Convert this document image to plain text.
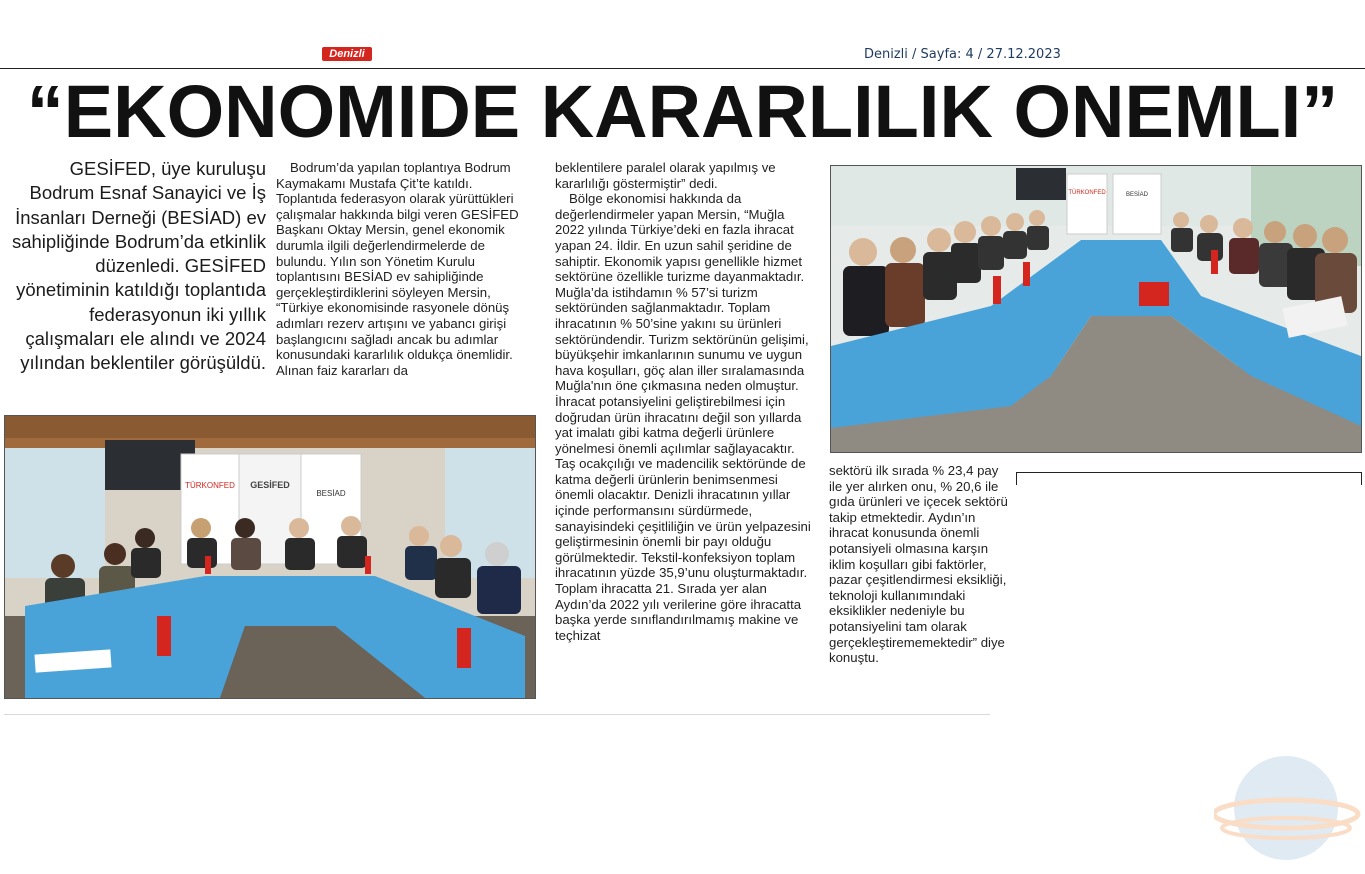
Denizli	Denizli / Sayfa: 4 / 27.12.2023
“EKONOMIDE KARARLILIK ONEMLI”
GESİFED, üye kuruluşu Bodrum Esnaf Sanayici ve İş İnsanları Derneği (BESİAD) ev sahipliğinde Bodrum’da etkinlik düzenledi. GESİFED yönetiminin katıldığı toplantıda federasyonun iki yıllık çalışmaları ele alındı ve 2024 yılından beklentiler görüşüldü.

Bodrum’da yapılan toplantıya Bodrum Kaymakamı Mustafa Çit’te katıldı. Toplantıda federasyon olarak yürüttükleri çalışmalar hakkında bilgi veren GESİFED Başkanı Oktay Mersin, genel ekonomik durumla ilgili değerlendirmelerde de bulundu. Yılın son Yönetim Kurulu toplantısını BESİAD ev sahipliğinde gerçekleştirdiklerini söyleyen Mersin, “Türkiye ekonomisinde rasyonele dönüş adımları rezerv artışını ve yabancı girişi başlangıcını sağladı ancak bu adımlar konusundaki kararlılık oldukça önemlidir. Alınan faiz kararları da

beklentilere paralel olarak yapılmış ve kararlılığı göstermiştir” dedi.

Bölge ekonomisi hakkında da değerlendirmeler yapan Mersin, “Muğla 2022 yılında Türkiye’deki en fazla ihracat yapan 24. İldir. En uzun sahil şeridine de sahiptir. Ekonomik yapısı genellikle hizmet sektörüne özellikle turizme dayanmaktadır. Muğla’da istihdamın % 57’si turizm sektöründen sağlanmaktadır. Toplam ihracatının % 50’sine yakını su ürünleri sektöründendir. Turizm sektörünün gelişimi, büyükşehir imkanlarının sunumu ve uygun hava koşulları, göç alan iller sıralamasında Muğla'nın öne çıkmasına neden olmuştur. İhracat potansiyelini geliştirebilmesi için doğrudan ürün ihracatını değil son yıllarda yat imalatı gibi katma değerli ürünlere yönelmesi önemli açılımlar sağlayacaktır. Taş ocakçılığı ve madencilik sektöründe de katma değerli ürünlerin benimsenmesi önemli olacaktır. Denizli ihracatının yıllar içinde performansını sürdürmede, sanayisindeki çeşitliliğin ve ürün yelpazesini geliştirmesinin önemli bir payı olduğu görülmektedir. Tekstil-konfeksiyon toplam ihracatının yüzde 35,9’unu oluşturmaktadır. Toplam ihracatta 21. Sırada yer alan Aydın’da 2022 yılı verilerine göre ihracatta başka yerde sınıflandırılmamış makine ve teçhizat

sektörü ilk sırada % 23,4 pay ile yer alırken onu, % 20,6 ile gıda ürünleri ve içecek sektörü takip etmektedir. Aydın’ın ihracat konusunda önemli potansiyeli olmasına karşın iklim koşulları gibi faktörler, pazar çeşitlendirmesi eksikliği, teknoloji kullanımındaki eksiklikler nedeniyle bu potansiyelini tam olarak gerçekleştirememektedir” diye konuştu.

TÜRKONFED GESİFED
BESİAD
TÜRKONFED	BESİAD
